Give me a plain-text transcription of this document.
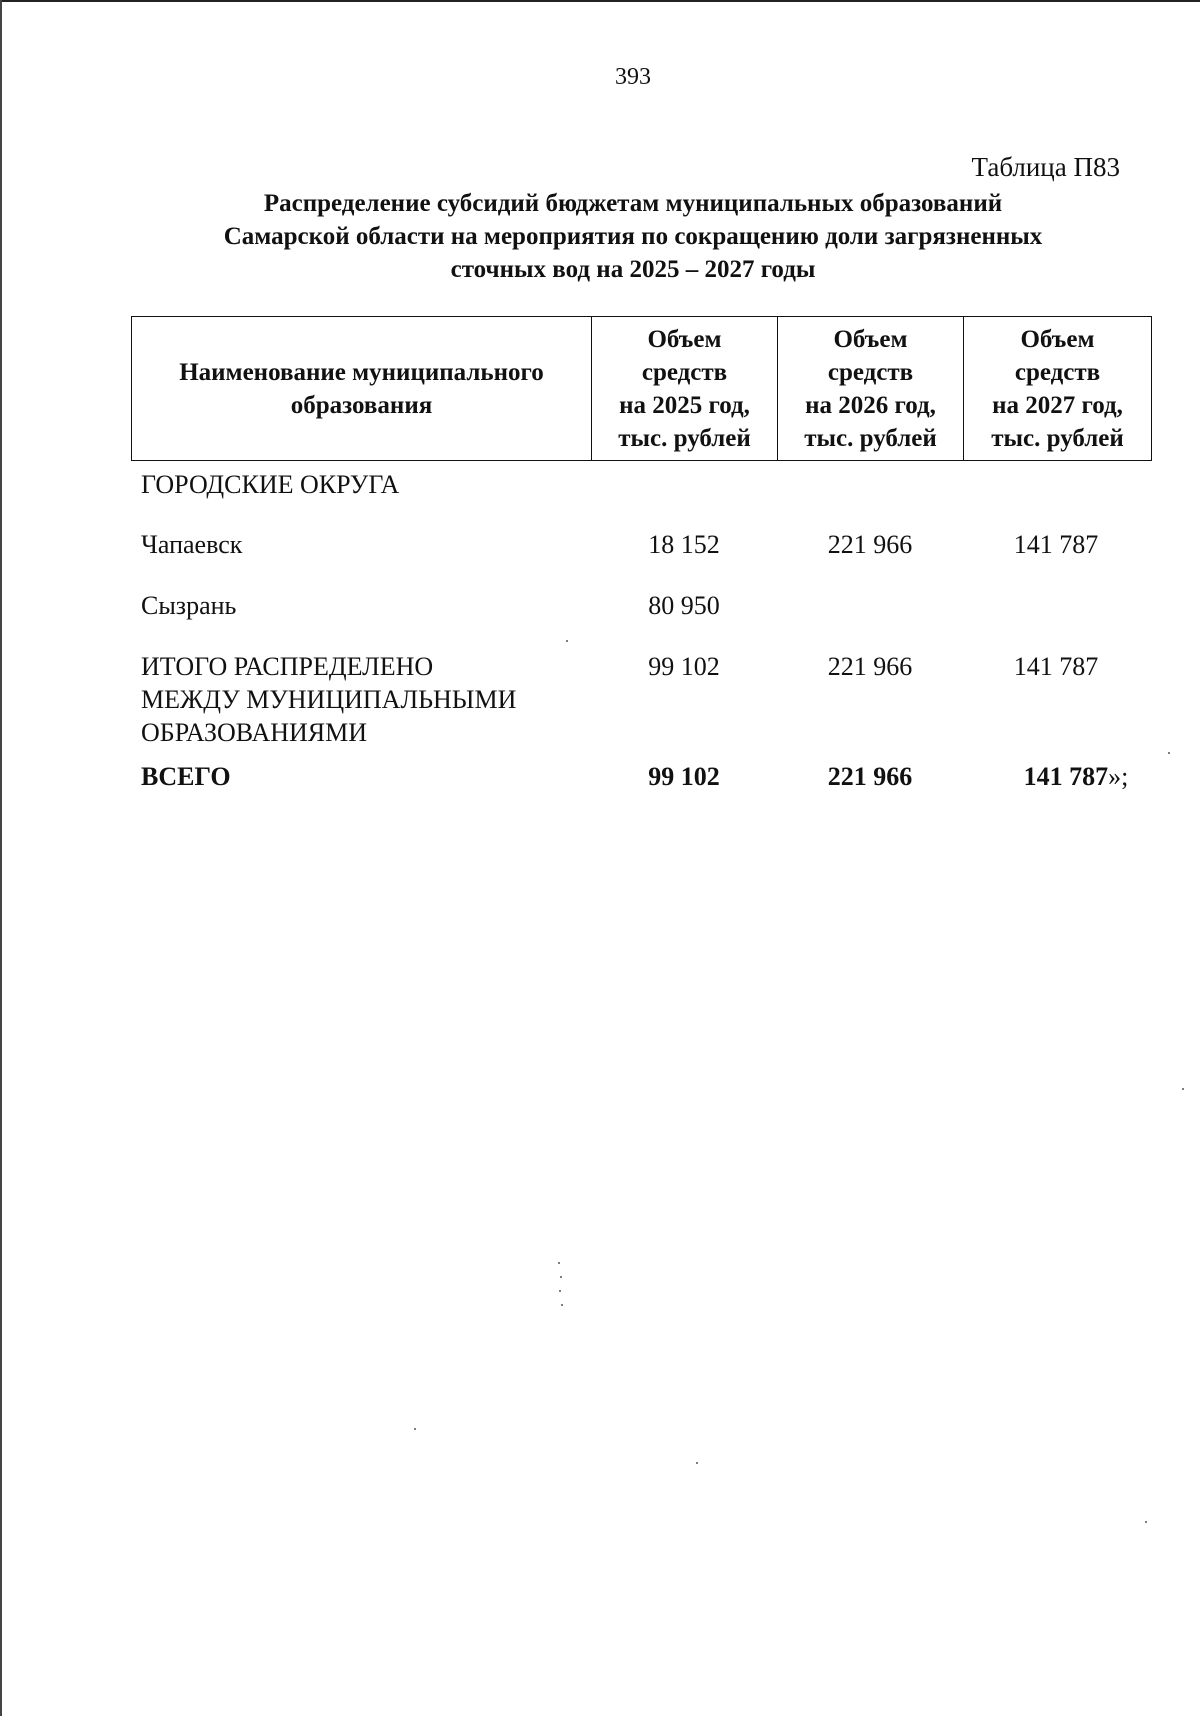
393
Таблица П83
Распределение субсидий бюджетам муниципальных образований
Самарской области на мероприятия по сокращению доли загрязненных
сточных вод на 2025 – 2027 годы
Наименование муниципального
образования

Объем
средств
на 2025 год,
тыс. рублей

Объем
средств
на 2026 год,
тыс. рублей

Объем
средств
на 2027 год,
тыс. рублей
ГОРОДСКИЕ ОКРУГА
Чапаевск	18 152	221 966	141 787
Сызрань	80 950
ИТОГО РАСПРЕДЕЛЕНО
МЕЖДУ МУНИЦИПАЛЬНЫМИ
ОБРАЗОВАНИЯМИ
99 102	221 966	141 787
ВСЕГО	99 102	221 966	141 787»;
